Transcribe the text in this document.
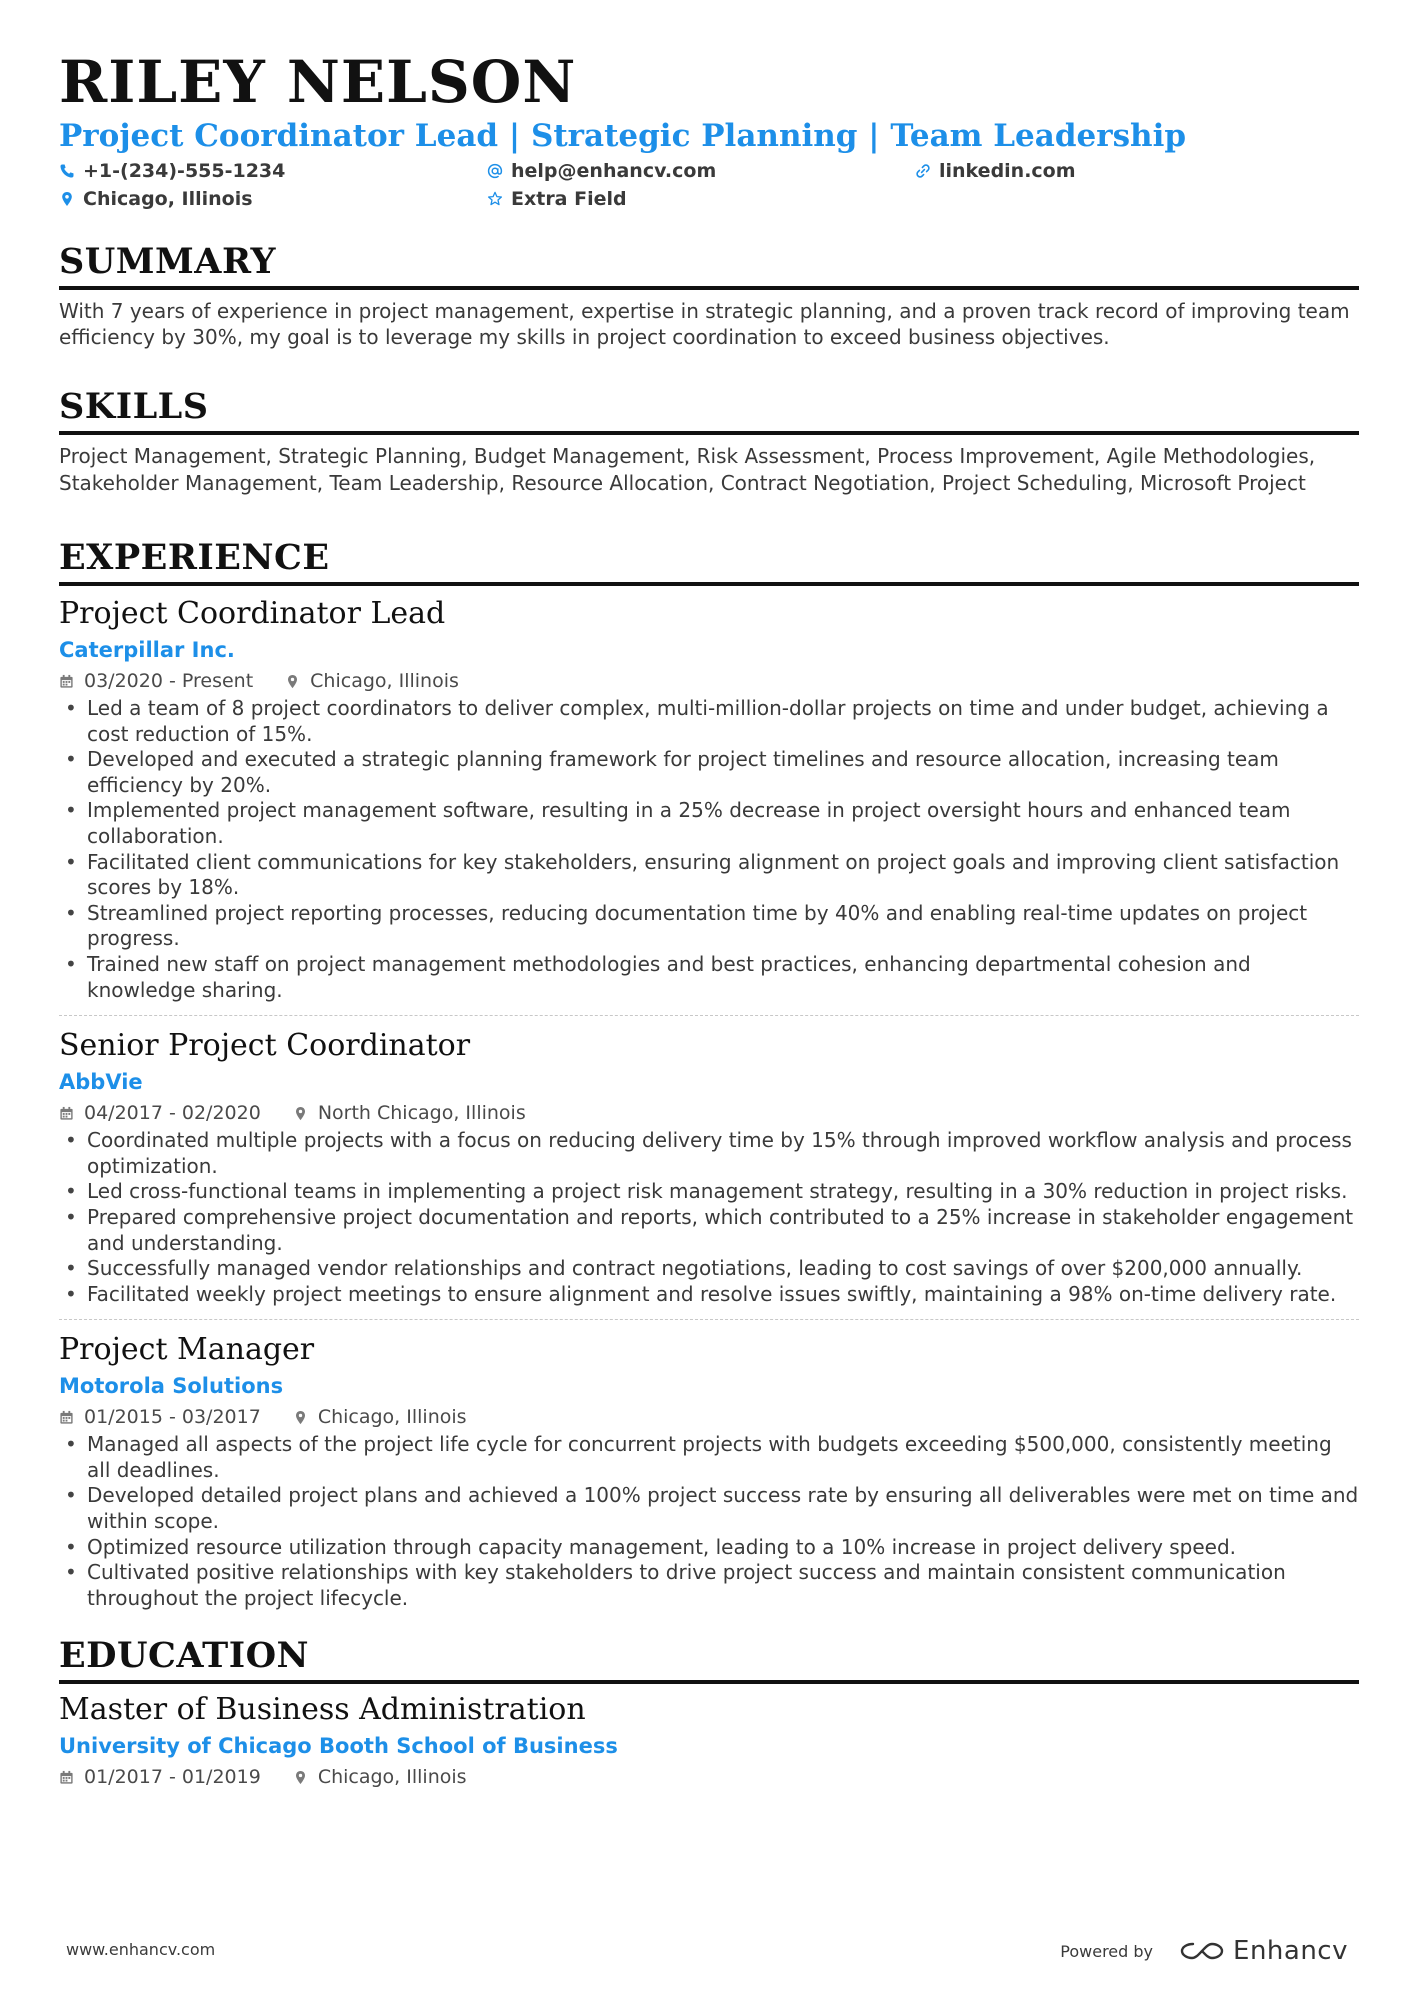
RILEY NELSON
Project Coordinator Lead | Strategic Planning | Team Leadership
+1-(234)-555-1234	help@enhancv.com	linkedin.com
Chicago, Illinois	Extra Field
SUMMARY
With 7 years of experience in project management, expertise in strategic planning, and a proven track record of improving team efficiency by 30%, my goal is to leverage my skills in project coordination to exceed business objectives.
SKILLS
Project Management, Strategic Planning, Budget Management, Risk Assessment, Process Improvement, Agile Methodologies, Stakeholder Management, Team Leadership, Resource Allocation, Contract Negotiation, Project Scheduling, Microsoft Project
EXPERIENCE
Project Coordinator Lead
Caterpillar Inc.
03/2020 - Present	Chicago, Illinois
• Led a team of 8 project coordinators to deliver complex, multi-million-dollar projects on time and under budget, achieving a cost reduction of 15%.
• Developed and executed a strategic planning framework for project timelines and resource allocation, increasing team efficiency by 20%.
• Implemented project management software, resulting in a 25% decrease in project oversight hours and enhanced team collaboration.
• Facilitated client communications for key stakeholders, ensuring alignment on project goals and improving client satisfaction scores by 18%.
• Streamlined project reporting processes, reducing documentation time by 40% and enabling real-time updates on project progress.
• Trained new staff on project management methodologies and best practices, enhancing departmental cohesion and knowledge sharing.
Senior Project Coordinator
AbbVie
04/2017 - 02/2020	North Chicago, Illinois
• Coordinated multiple projects with a focus on reducing delivery time by 15% through improved workflow analysis and process optimization.
• Led cross-functional teams in implementing a project risk management strategy, resulting in a 30% reduction in project risks.
• Prepared comprehensive project documentation and reports, which contributed to a 25% increase in stakeholder engagement and understanding.
• Successfully managed vendor relationships and contract negotiations, leading to cost savings of over $200,000 annually.
• Facilitated weekly project meetings to ensure alignment and resolve issues swiftly, maintaining a 98% on-time delivery rate.
Project Manager
Motorola Solutions
01/2015 - 03/2017	Chicago, Illinois
• Managed all aspects of the project life cycle for concurrent projects with budgets exceeding $500,000, consistently meeting all deadlines.
• Developed detailed project plans and achieved a 100% project success rate by ensuring all deliverables were met on time and within scope.
• Optimized resource utilization through capacity management, leading to a 10% increase in project delivery speed.
• Cultivated positive relationships with key stakeholders to drive project success and maintain consistent communication throughout the project lifecycle.
EDUCATION
Master of Business Administration
University of Chicago Booth School of Business
01/2017 - 01/2019	Chicago, Illinois
www.enhancv.com	Powered by	Enhancv
